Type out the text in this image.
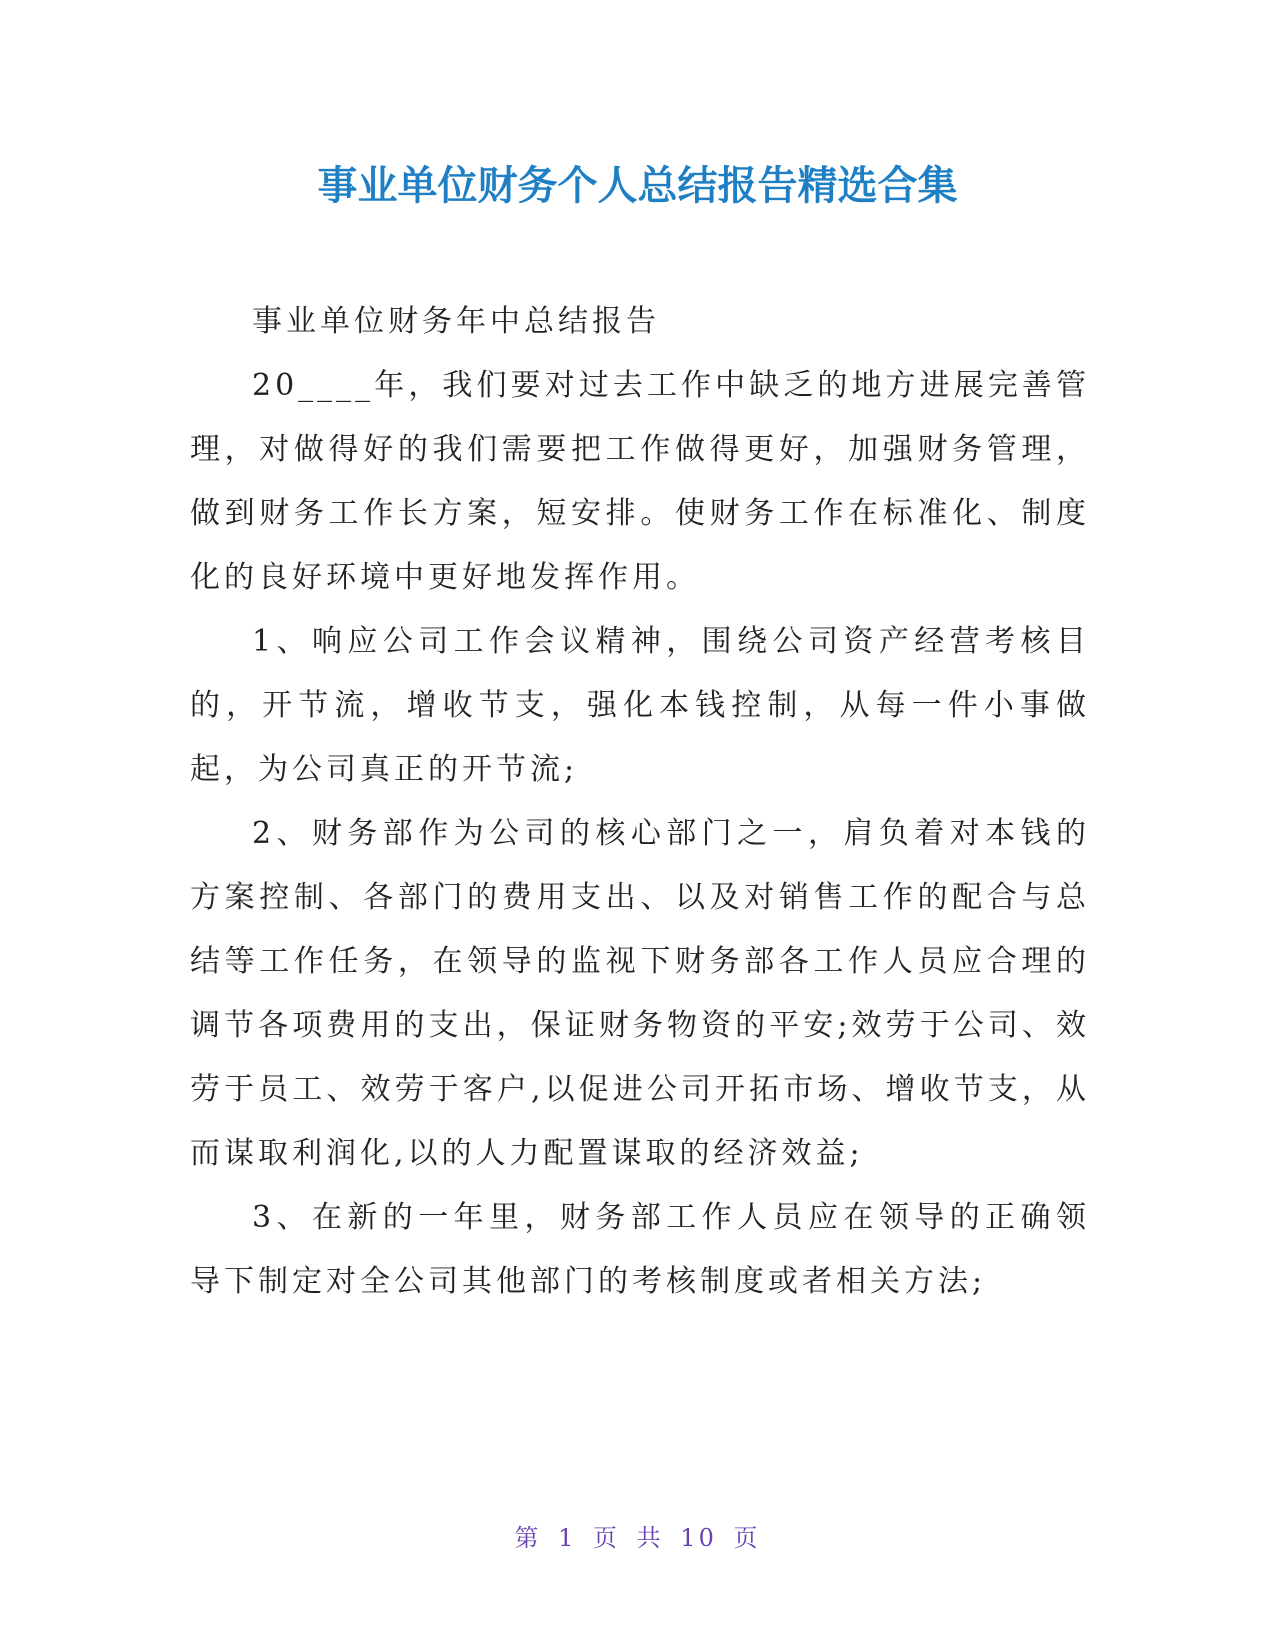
事业单位财务个人总结报告精选合集

事业单位财务年中总结报告

20____年，我们要对过去工作中缺乏的地方进展完善管理，对做得好的我们需要把工作做得更好，加强财务管理，做到财务工作长方案，短安排。使财务工作在标准化、制度化的良好环境中更好地发挥作用。

1、响应公司工作会议精神，围绕公司资产经营考核目的，开节流，增收节支，强化本钱控制，从每一件小事做起，为公司真正的开节流;

2、财务部作为公司的核心部门之一，肩负着对本钱的方案控制、各部门的费用支出、以及对销售工作的配合与总结等工作任务，在领导的监视下财务部各工作人员应合理的调节各项费用的支出，保证财务物资的平安;效劳于公司、效劳于员工、效劳于客户,以促进公司开拓市场、增收节支，从而谋取利润化,以的人力配置谋取的经济效益;

3、在新的一年里，财务部工作人员应在领导的正确领导下制定对全公司其他部门的考核制度或者相关方法;

第 1 页 共 10 页
